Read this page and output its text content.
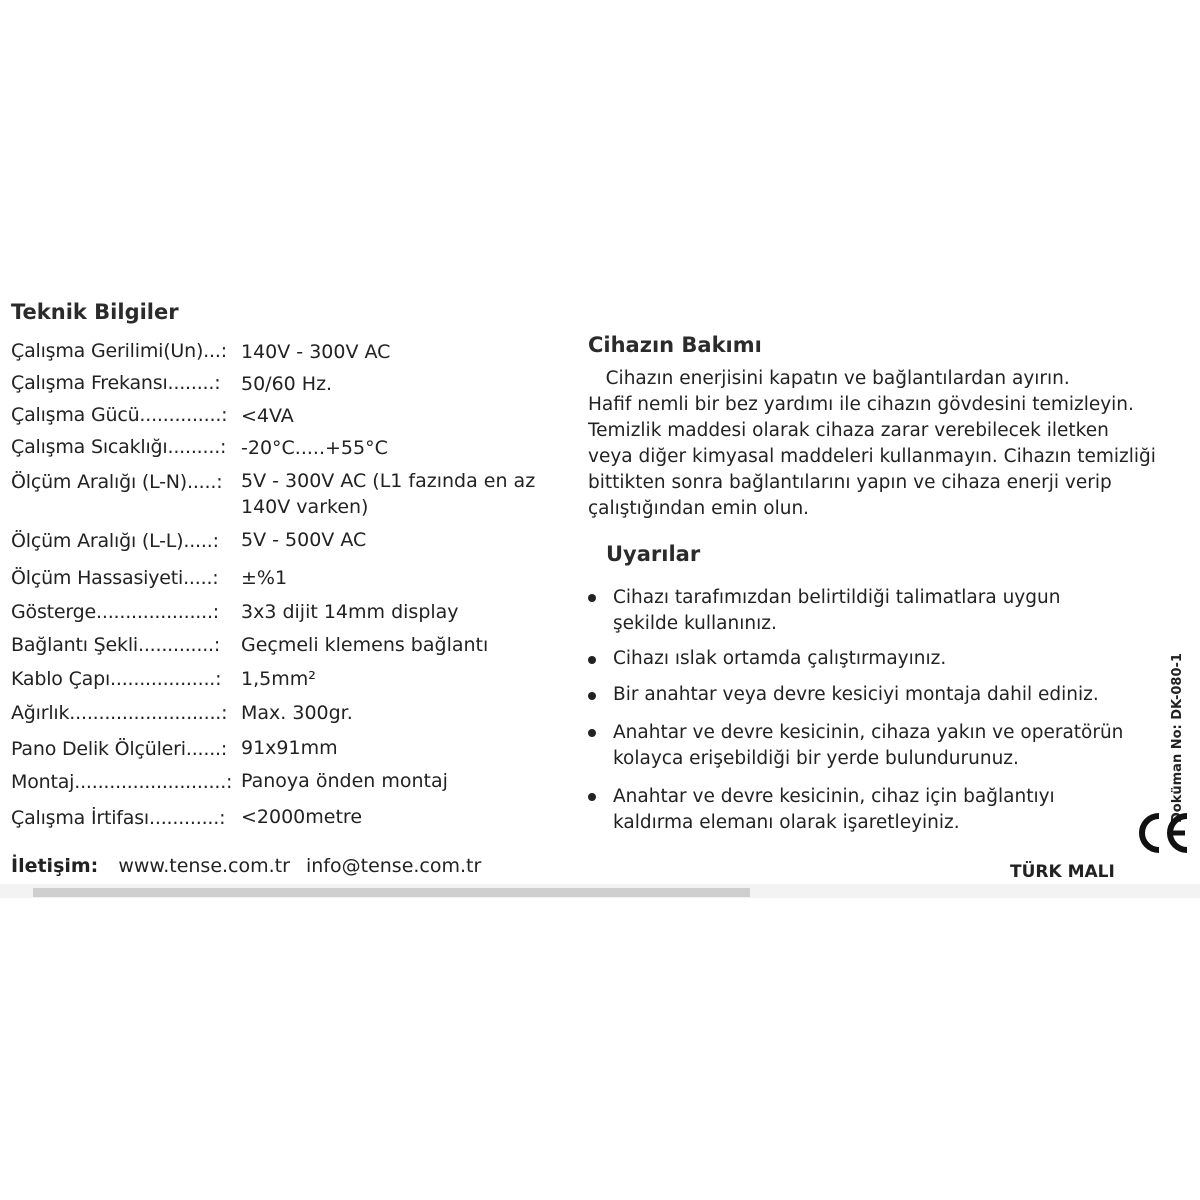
Teknik Bilgiler
Çalışma Gerilimi(Un)...: 140V - 300V AC
Çalışma Frekansı........: 50/60 Hz.
Çalışma Gücü..............: <4VA
Çalışma Sıcaklığı.........: -20°C.....+55°C
Ölçüm Aralığı (L-N).....: 5V - 300V AC (L1 fazında en az
140V varken)
Ölçüm Aralığı (L-L).....: 5V - 500V AC
Ölçüm Hassasiyeti.....: ±%1
Gösterge....................: 3x3 dijit 14mm display
Bağlantı Şekli.............: Geçmeli klemens bağlantı
Kablo Çapı..................: 1,5mm²
Ağırlık..........................: Max. 300gr.
Pano Delik Ölçüleri......: 91x91mm
Montaj..........................: Panoya önden montaj
Çalışma İrtifası............: <2000metre
İletişim: www.tense.com.tr info@tense.com.tr
Cihazın Bakımı
Cihazın enerjisini kapatın ve bağlantılardan ayırın.
Hafif nemli bir bez yardımı ile cihazın gövdesini temizleyin.
Temizlik maddesi olarak cihaza zarar verebilecek iletken
veya diğer kimyasal maddeleri kullanmayın. Cihazın temizliği
bittikten sonra bağlantılarını yapın ve cihaza enerji verip
çalıştığından emin olun.
Uyarılar
Cihazı tarafımızdan belirtildiği talimatlara uygun
şekilde kullanınız.
Cihazı ıslak ortamda çalıştırmayınız.
Bir anahtar veya devre kesiciyi montaja dahil ediniz.
Anahtar ve devre kesicinin, cihaza yakın ve operatörün
kolayca erişebildiği bir yerde bulundurunuz.
Anahtar ve devre kesicinin, cihaz için bağlantıyı
kaldırma elemanı olarak işaretleyiniz.	Doküman No: DK-080-1
TÜRK MALI
